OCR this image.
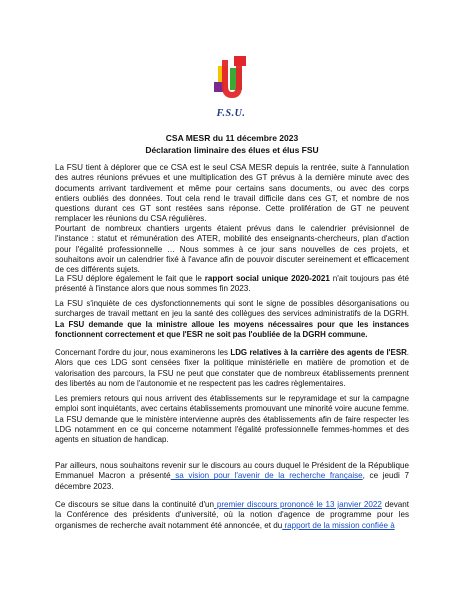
F.S.U.
CSA MESR du 11 décembre 2023
Déclaration liminaire des élues et élus FSU
La FSU tient à déplorer que ce CSA est le seul CSA MESR depuis la rentrée, suite à l'annulation des autres réunions prévues et une multiplication des GT prévus à la dernière minute avec des documents arrivant tardivement et même pour certains sans documents, ou avec des corps entiers oubliés des données. Tout cela rend le travail difficile dans ces GT, et nombre de nos questions durant ces GT sont restées sans réponse. Cette prolifération de GT ne peuvent remplacer les réunions du CSA régulières.
Pourtant de nombreux chantiers urgents étaient prévus dans le calendrier prévisionnel de l'instance : statut et rémunération des ATER, mobilité des enseignants-chercheurs, plan d'action pour l'égalité professionnelle … Nous sommes à ce jour sans nouvelles de ces projets, et souhaitons avoir un calendrier fixé à l'avance afin de pouvoir discuter sereinement et efficacement de ces différents sujets.
La FSU déplore également le fait que le rapport social unique 2020-2021 n'ait toujours pas été présenté à l'instance alors que nous sommes fin 2023.
La FSU s'inquiète de ces dysfonctionnements qui sont le signe de possibles désorganisations ou surcharges de travail mettant en jeu la santé des collègues des services administratifs de la DGRH. La FSU demande que la ministre alloue les moyens nécessaires pour que les instances fonctionnent correctement et que l'ESR ne soit pas l'oubliée de la DGRH commune.
Concernant l'ordre du jour, nous examinerons les LDG relatives à la carrière des agents de l'ESR. Alors que ces LDG sont censées fixer la politique ministérielle en matière de promotion et de valorisation des parcours, la FSU ne peut que constater que de nombreux établissements prennent des libertés au nom de l'autonomie et ne respectent pas les cadres règlementaires.
Les premiers retours qui nous arrivent des établissements sur le repyramidage et sur la campagne emploi sont inquiétants, avec certains établissements promouvant une minorité voire aucune femme. La FSU demande que le ministère intervienne auprès des établissements afin de faire respecter les LDG notamment en ce qui concerne notamment l'égalité professionnelle femmes-hommes et des agents en situation de handicap.
Par ailleurs, nous souhaitons revenir sur le discours au cours duquel le Président de la République Emmanuel Macron a présenté sa vision pour l'avenir de la recherche française, ce jeudi 7 décembre 2023.
Ce discours se situe dans la continuité d'un premier discours prononcé le 13 janvier 2022 devant la Conférence des présidents d'université, où la notion d'agence de programme pour les organismes de recherche avait notamment été annoncée, et du rapport de la mission confiée à
